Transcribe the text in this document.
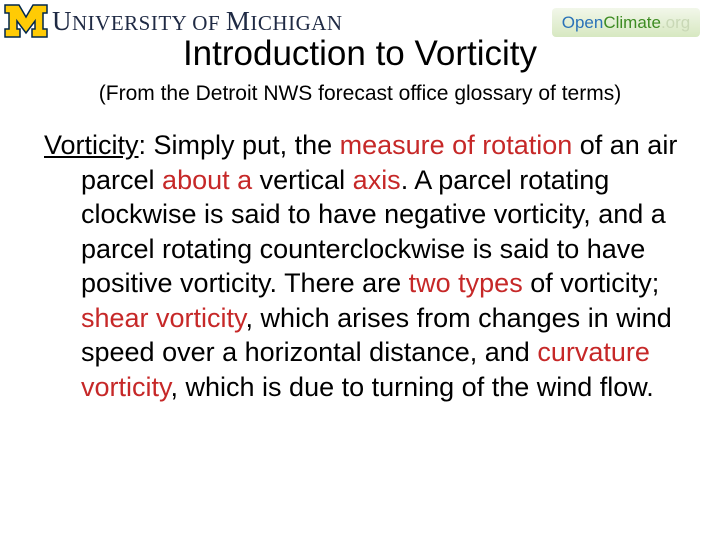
UNIVERSITY OF MICHIGAN	Open Climate .org
Introduction to Vorticity

(From the Detroit NWS forecast office glossary of terms)

Vorticity: Simply put, the measure of rotation of an air parcel about a vertical axis. A parcel rotating clockwise is said to have negative vorticity, and a parcel rotating counterclockwise is said to have positive vorticity. There are two types of vorticity; shear vorticity, which arises from changes in wind speed over a horizontal distance, and curvature vorticity, which is due to turning of the wind flow.
